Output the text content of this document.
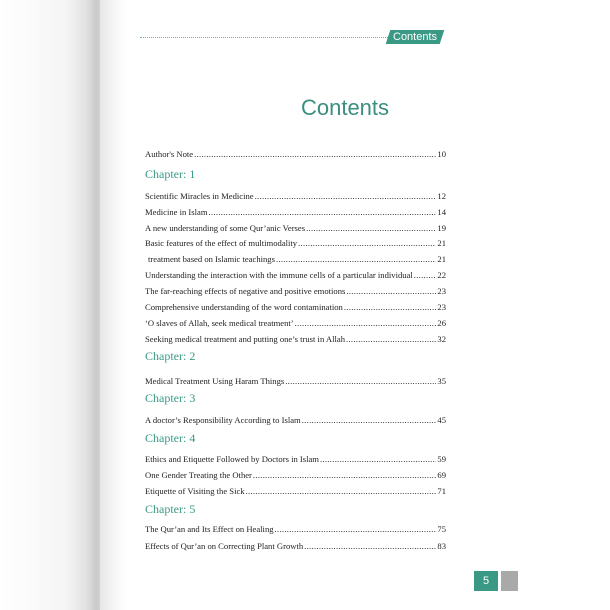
Contents
Contents
Author's Note .....	10
Chapter: 1
Scientific Miracles in Medicine .....	12
Medicine in Islam .....	14
A new understanding of some Qur’anic Verses .....	19
Basic features of the effect of multimodality .....	21
treatment based on Islamic teachings .....	21
Understanding the interaction with the immune cells of a particular individual .....	22
The far-reaching effects of negative and positive emotions .....	23
Comprehensive understanding of the word contamination .....	23
‘O slaves of Allah, seek medical treatment’ .....	26
Seeking medical treatment and putting one’s trust in Allah .....	32
Chapter: 2
Medical Treatment Using Haram Things .....	35
Chapter: 3
A doctor’s Responsibility According to Islam .....	45
Chapter: 4
Ethics and Etiquette Followed by Doctors in Islam .....	59
One Gender Treating the Other .....	69
Etiquette of Visiting the Sick .....	71
Chapter: 5
The Qur’an and Its Effect on Healing .....	75
Effects of Qur’an on Correcting Plant Growth .....	83
5
